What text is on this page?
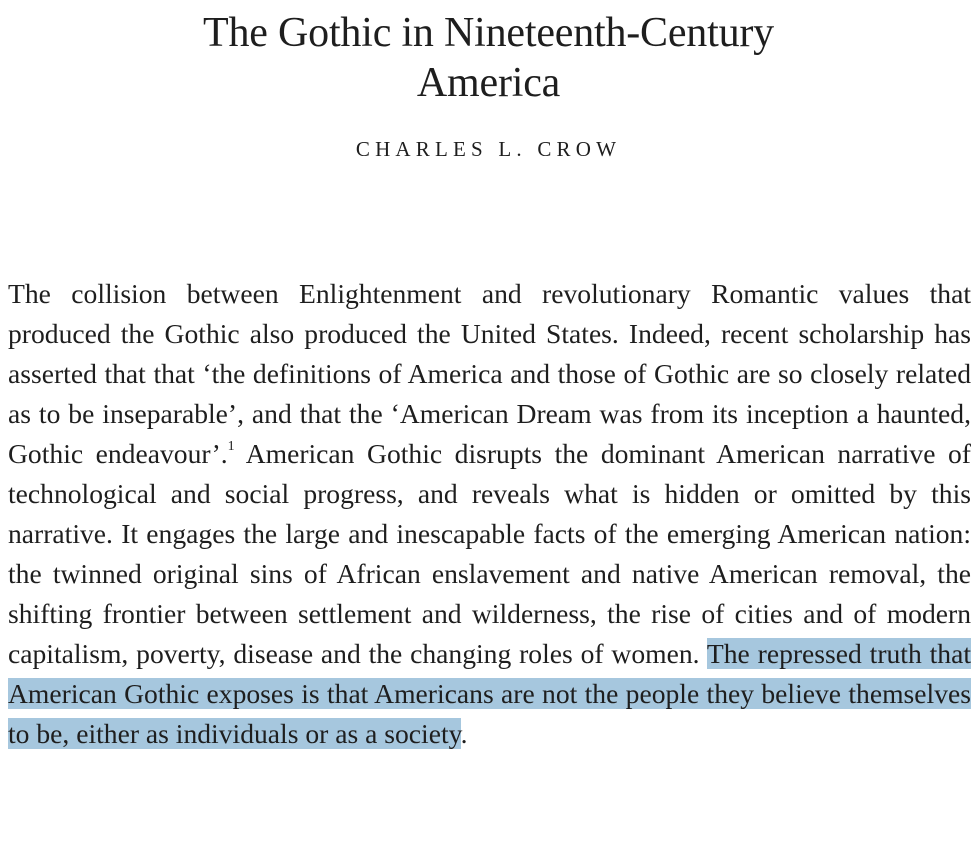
The Gothic in Nineteenth-Century
America

CHARLES L. CROW

The collision between Enlightenment and revolutionary Romantic values that produced the Gothic also produced the United States. Indeed, recent scholarship has asserted that that ‘the definitions of America and those of Gothic are so closely related as to be inseparable’, and that the ‘American Dream was from its inception a haunted, Gothic endeavour’.$^1$ American Gothic disrupts the dominant American narrative of technological and social progress, and reveals what is hidden or omitted by this narrative. It engages the large and inescapable facts of the emerging American nation: the twinned original sins of African enslavement and native American removal, the shifting frontier between settlement and wilderness, the rise of cities and of modern capitalism, poverty, disease and the changing roles of women. The repressed truth that American Gothic exposes is that Americans are not the people they believe themselves to be, either as individuals or as a society.
